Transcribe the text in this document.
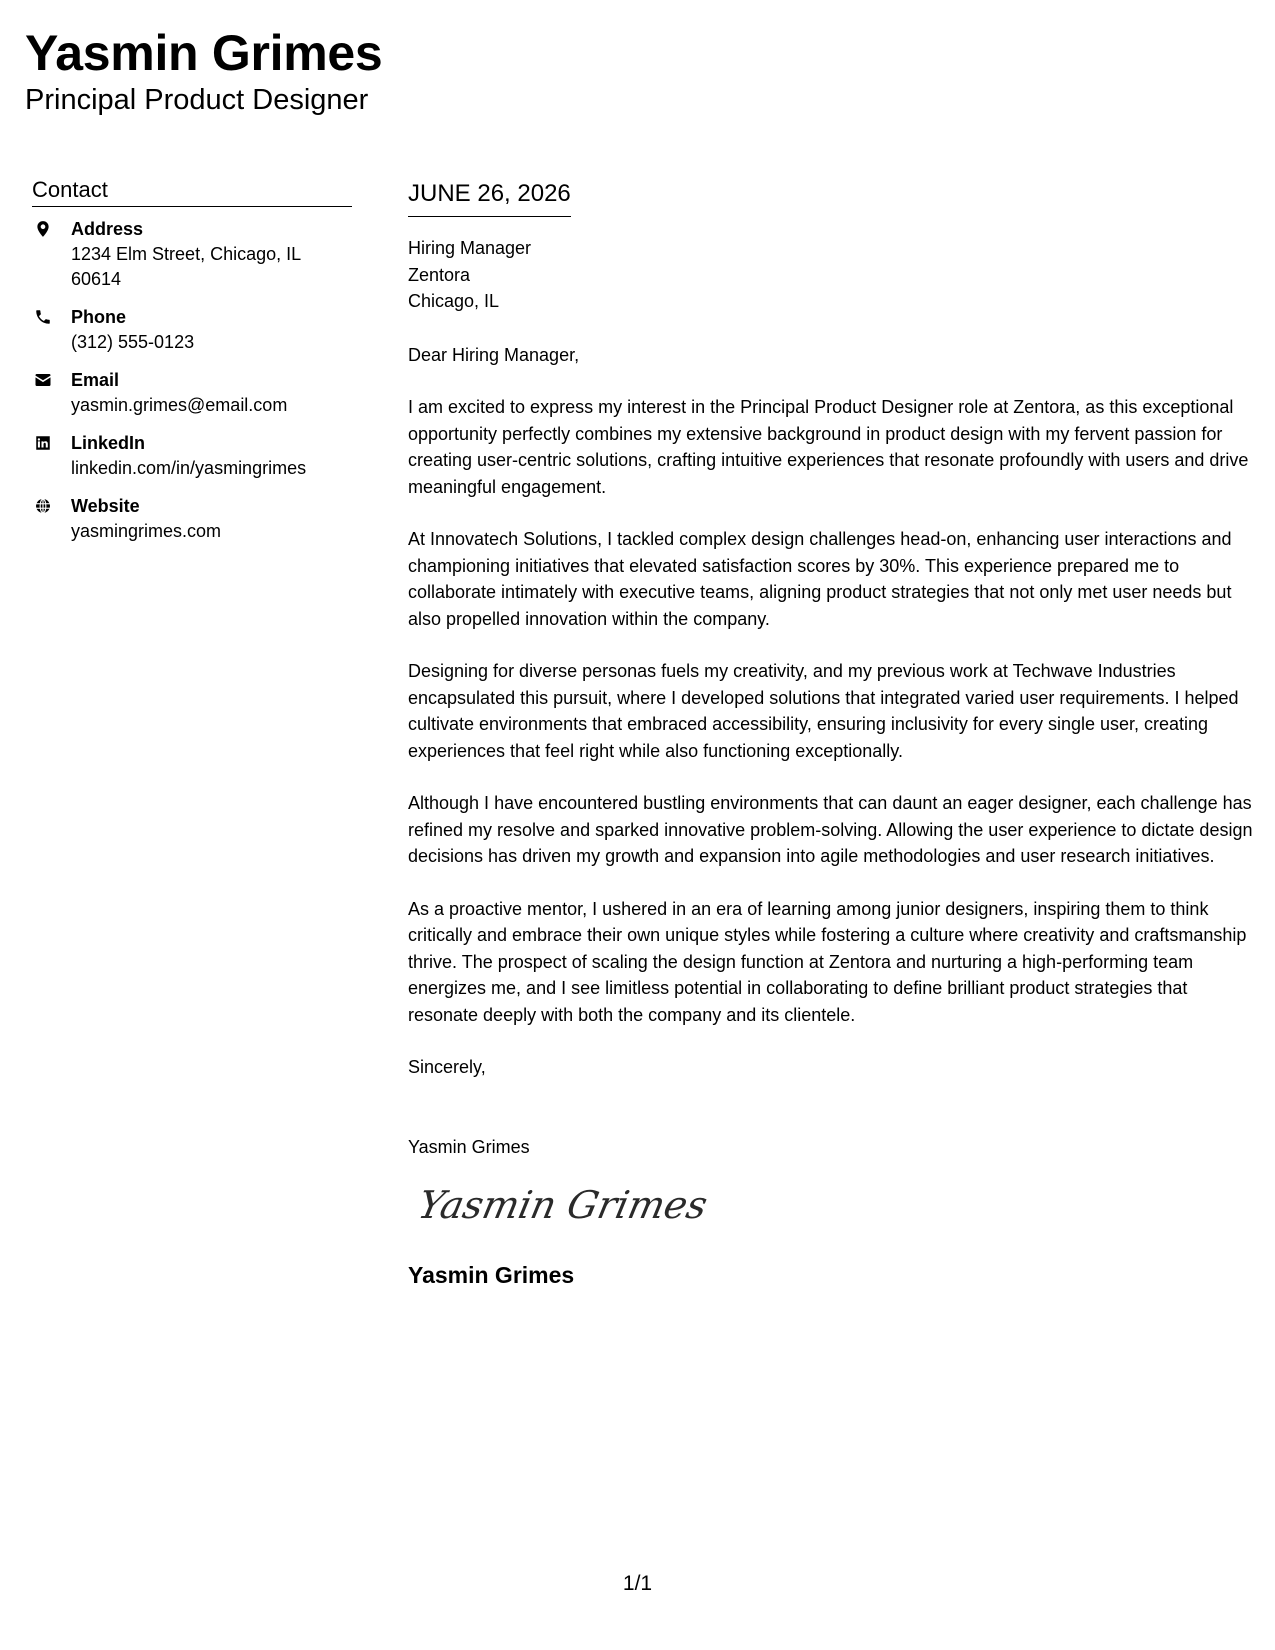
Yasmin Grimes
Principal Product Designer
Contact
Address
1234 Elm Street, Chicago, IL 60614
Phone
(312) 555-0123
Email
yasmin.grimes@email.com
LinkedIn
linkedin.com/in/yasmingrimes
Website
yasmingrimes.com
JUNE 26, 2026
Hiring Manager
Zentora
Chicago, IL
Dear Hiring Manager,
I am excited to express my interest in the Principal Product Designer role at Zentora, as this exceptional opportunity perfectly combines my extensive background in product design with my fervent passion for creating user-centric solutions, crafting intuitive experiences that resonate profoundly with users and drive meaningful engagement.
At Innovatech Solutions, I tackled complex design challenges head-on, enhancing user interactions and championing initiatives that elevated satisfaction scores by 30%. This experience prepared me to collaborate intimately with executive teams, aligning product strategies that not only met user needs but also propelled innovation within the company.
Designing for diverse personas fuels my creativity, and my previous work at Techwave Industries encapsulated this pursuit, where I developed solutions that integrated varied user requirements. I helped cultivate environments that embraced accessibility, ensuring inclusivity for every single user, creating experiences that feel right while also functioning exceptionally.
Although I have encountered bustling environments that can daunt an eager designer, each challenge has refined my resolve and sparked innovative problem-solving. Allowing the user experience to dictate design decisions has driven my growth and expansion into agile methodologies and user research initiatives.
As a proactive mentor, I ushered in an era of learning among junior designers, inspiring them to think critically and embrace their own unique styles while fostering a culture where creativity and craftsmanship thrive. The prospect of scaling the design function at Zentora and nurturing a high-performing team energizes me, and I see limitless potential in collaborating to define brilliant product strategies that resonate deeply with both the company and its clientele.
Sincerely,
Yasmin Grimes
Yasmin Grimes
Yasmin Grimes
1/1
